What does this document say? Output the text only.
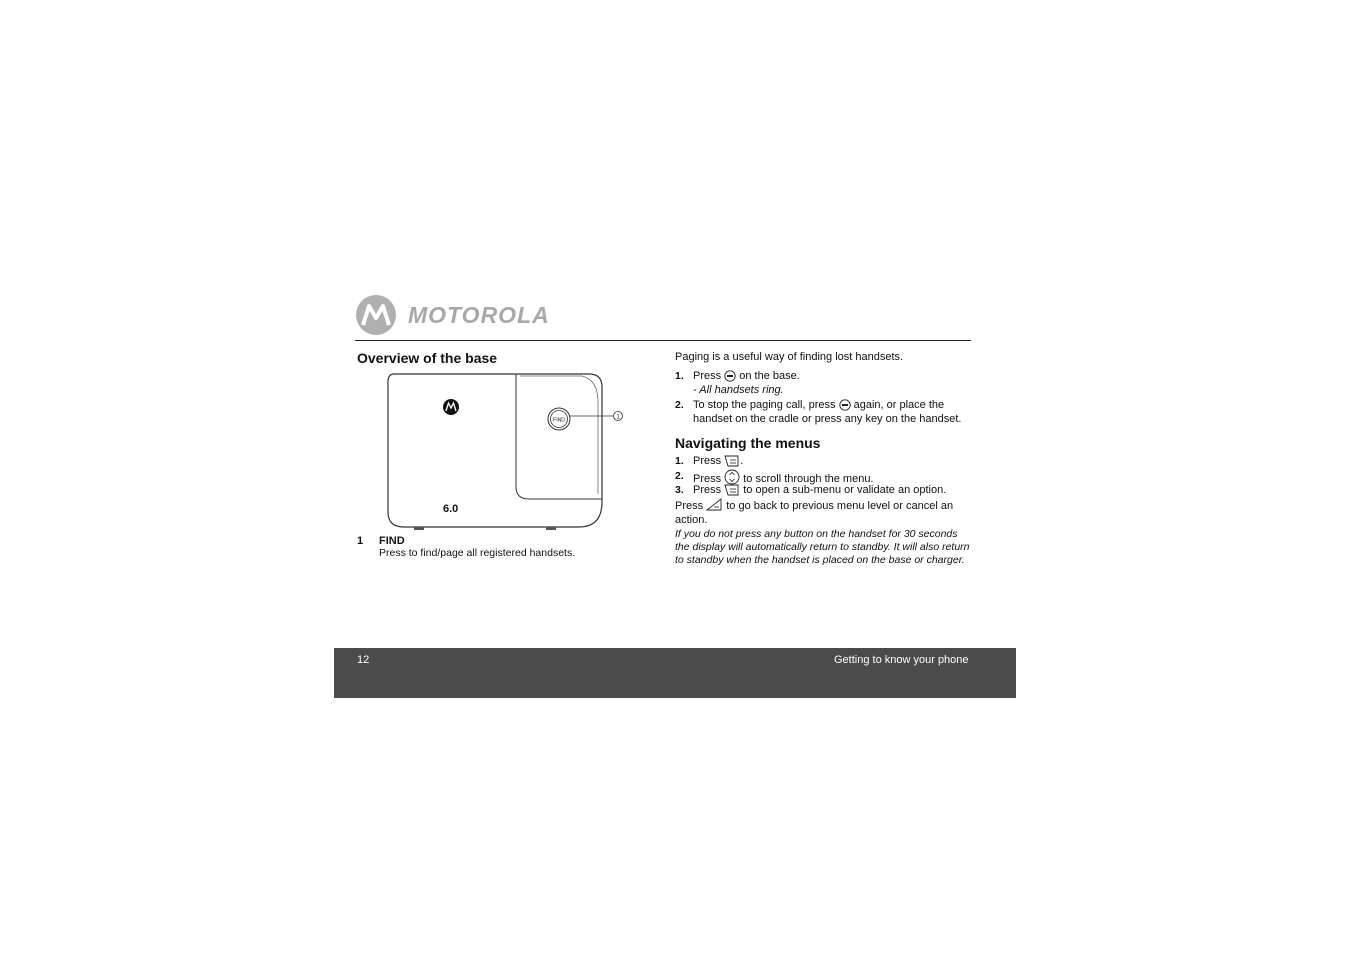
MOTOROLA
Overview of the base
6.0
FIND	1
1 FIND
Press to find/page all registered handsets.
Paging is a useful way of finding lost handsets.
1. Press on the base.
- All handsets ring.
2. To stop the paging call, press again, or place the handset on the cradle or press any key on the handset.
Navigating the menus
1. Press .
2. Press to scroll through the menu.
3. Press to open a sub-menu or validate an option.
Press to go back to previous menu level or cancel an action.
If you do not press any button on the handset for 30 seconds the display will automatically return to standby. It will also return to standby when the handset is placed on the base or charger.
12	Getting to know your phone
